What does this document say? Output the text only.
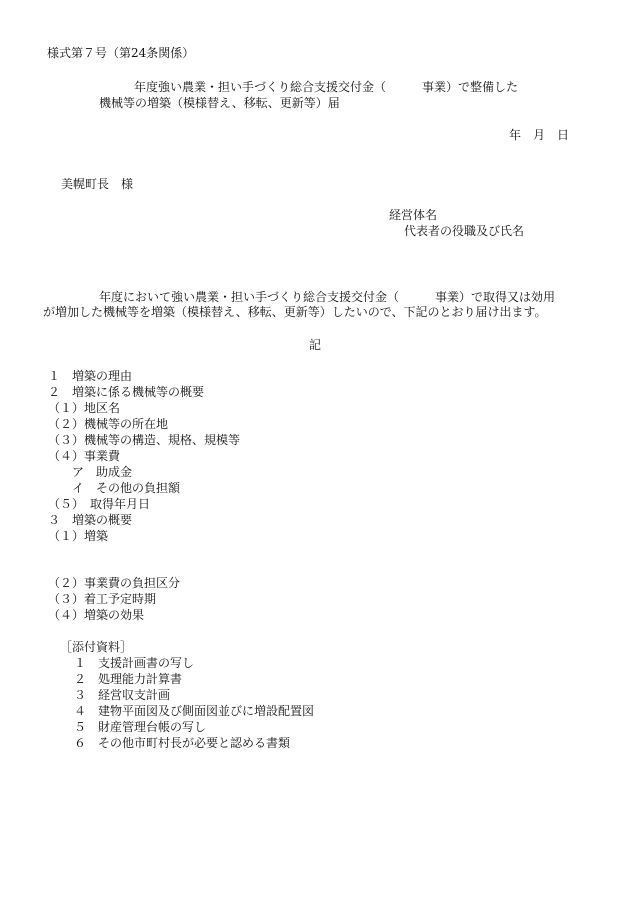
様式第７号（第24条関係）
年度強い農業・担い手づくり総合支援交付金（　　　事業）で整備した
機械等の増築（模様替え、移転、更新等）届
年　月　日
美幌町長　様
経営体名
代表者の役職及び氏名
年度において強い農業・担い手づくり総合支援交付金（　　　事業）で取得又は効用
が増加した機械等を増築（模様替え、移転、更新等）したいので、下記のとおり届け出ます。
記
１　増築の理由
２　増築に係る機械等の概要
（１）地区名
（２）機械等の所在地
（３）機械等の構造、規格、規模等
（４）事業費
　ア　助成金
　イ　その他の負担額
（５）　取得年月日
３　増築の概要
（１）増築
（２）事業費の負担区分
（３）着工予定時期
（４）増築の効果
［添付資料］
１　支援計画書の写し
２　処理能力計算書
３　経営収支計画
４　建物平面図及び側面図並びに増設配置図
５　財産管理台帳の写し
６　その他市町村長が必要と認める書類
